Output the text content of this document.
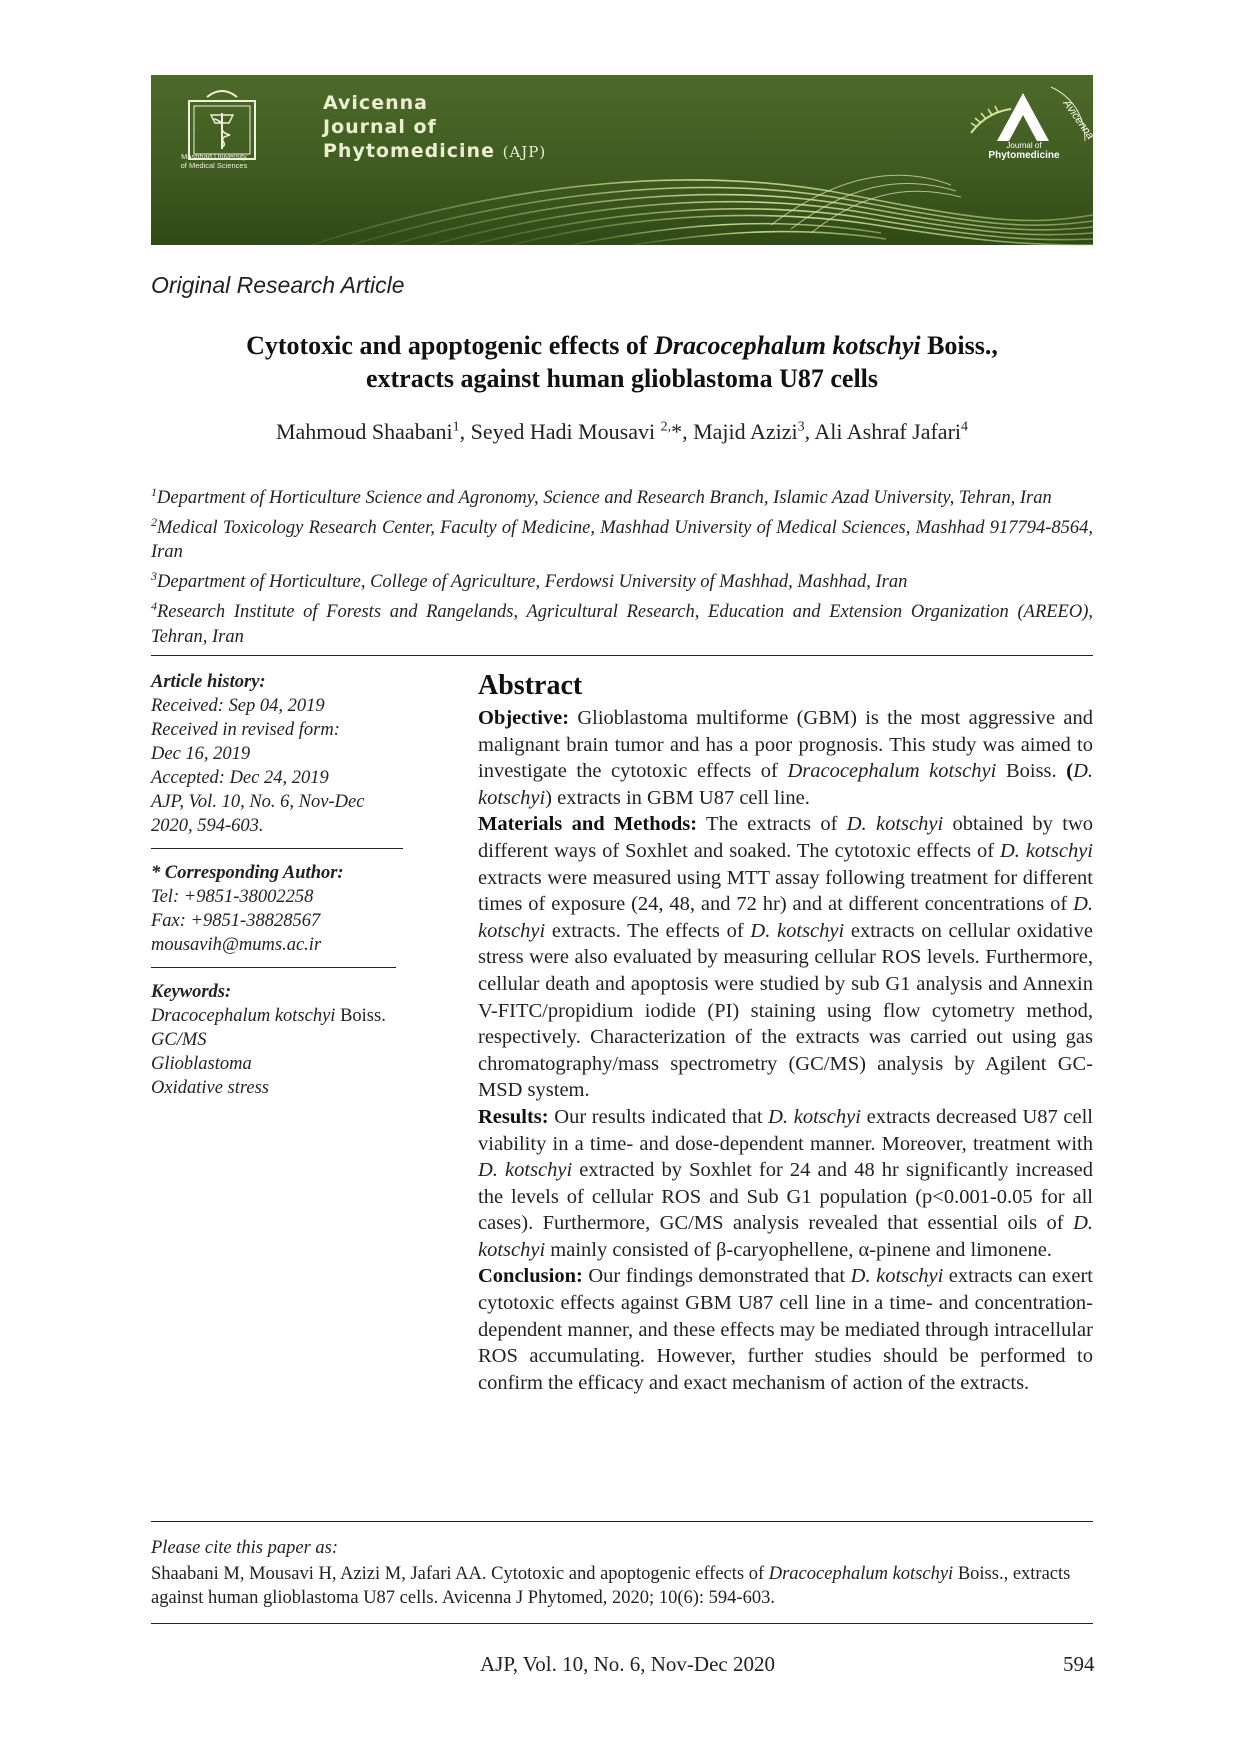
Mashhad University
of Medical Sciences
Avicenna
Journal of
Phytomedicine (AJP)
Avicenna
Journal of
Phytomedicine
Original Research Article
Cytotoxic and apoptogenic effects of Dracocephalum kotschyi Boiss.,
extracts against human glioblastoma U87 cells
Mahmoud Shaabani$^1$, Seyed Hadi Mousavi $^{2,}$*, Majid Azizi$^3$, Ali Ashraf Jafari$^4$
$^1$Department of Horticulture Science and Agronomy, Science and Research Branch, Islamic Azad University, Tehran, Iran
$^2$Medical Toxicology Research Center, Faculty of Medicine, Mashhad University of Medical Sciences, Mashhad 917794-8564, Iran
$^3$Department of Horticulture, College of Agriculture, Ferdowsi University of Mashhad, Mashhad, Iran
$^4$Research Institute of Forests and Rangelands, Agricultural Research, Education and Extension Organization (AREEO), Tehran, Iran
Article history:
Received: Sep 04, 2019
Received in revised form:
Dec 16, 2019
Accepted: Dec 24, 2019
AJP, Vol. 10, No. 6, Nov-Dec
2020, 594-603.
* Corresponding Author:
Tel: +9851-38002258
Fax: +9851-38828567
mousavih@mums.ac.ir
Keywords:
Dracocephalum kotschyi Boiss.
GC/MS
Glioblastoma
Oxidative stress
Abstract

Objective: Glioblastoma multiforme (GBM) is the most aggressive and malignant brain tumor and has a poor prognosis. This study was aimed to investigate the cytotoxic effects of Dracocephalum kotschyi Boiss. (D. kotschyi) extracts in GBM U87 cell line.

Materials and Methods: The extracts of D. kotschyi obtained by two different ways of Soxhlet and soaked. The cytotoxic effects of D. kotschyi extracts were measured using MTT assay following treatment for different times of exposure (24, 48, and 72 hr) and at different concentrations of D. kotschyi extracts. The effects of D. kotschyi extracts on cellular oxidative stress were also evaluated by measuring cellular ROS levels. Furthermore, cellular death and apoptosis were studied by sub G1 analysis and Annexin V-FITC/propidium iodide (PI) staining using flow cytometry method, respectively. Characterization of the extracts was carried out using gas chromatography/mass spectrometry (GC/MS) analysis by Agilent GC-MSD system.

Results: Our results indicated that D. kotschyi extracts decreased U87 cell viability in a time- and dose-dependent manner. Moreover, treatment with D. kotschyi extracted by Soxhlet for 24 and 48 hr significantly increased the levels of cellular ROS and Sub G1 population (p<0.001-0.05 for all cases). Furthermore, GC/MS analysis revealed that essential oils of D. kotschyi mainly consisted of β-caryophellene, α-pinene and limonene.

Conclusion: Our findings demonstrated that D. kotschyi extracts can exert cytotoxic effects against GBM U87 cell line in a time- and concentration-dependent manner, and these effects may be mediated through intracellular ROS accumulating. However, further studies should be performed to confirm the efficacy and exact mechanism of action of the extracts.

Please cite this paper as:
Shaabani M, Mousavi H, Azizi M, Jafari AA. Cytotoxic and apoptogenic effects of Dracocephalum kotschyi Boiss., extracts against human glioblastoma U87 cells. Avicenna J Phytomed, 2020; 10(6): 594-603.
AJP, Vol. 10, No. 6, Nov-Dec 2020	594
